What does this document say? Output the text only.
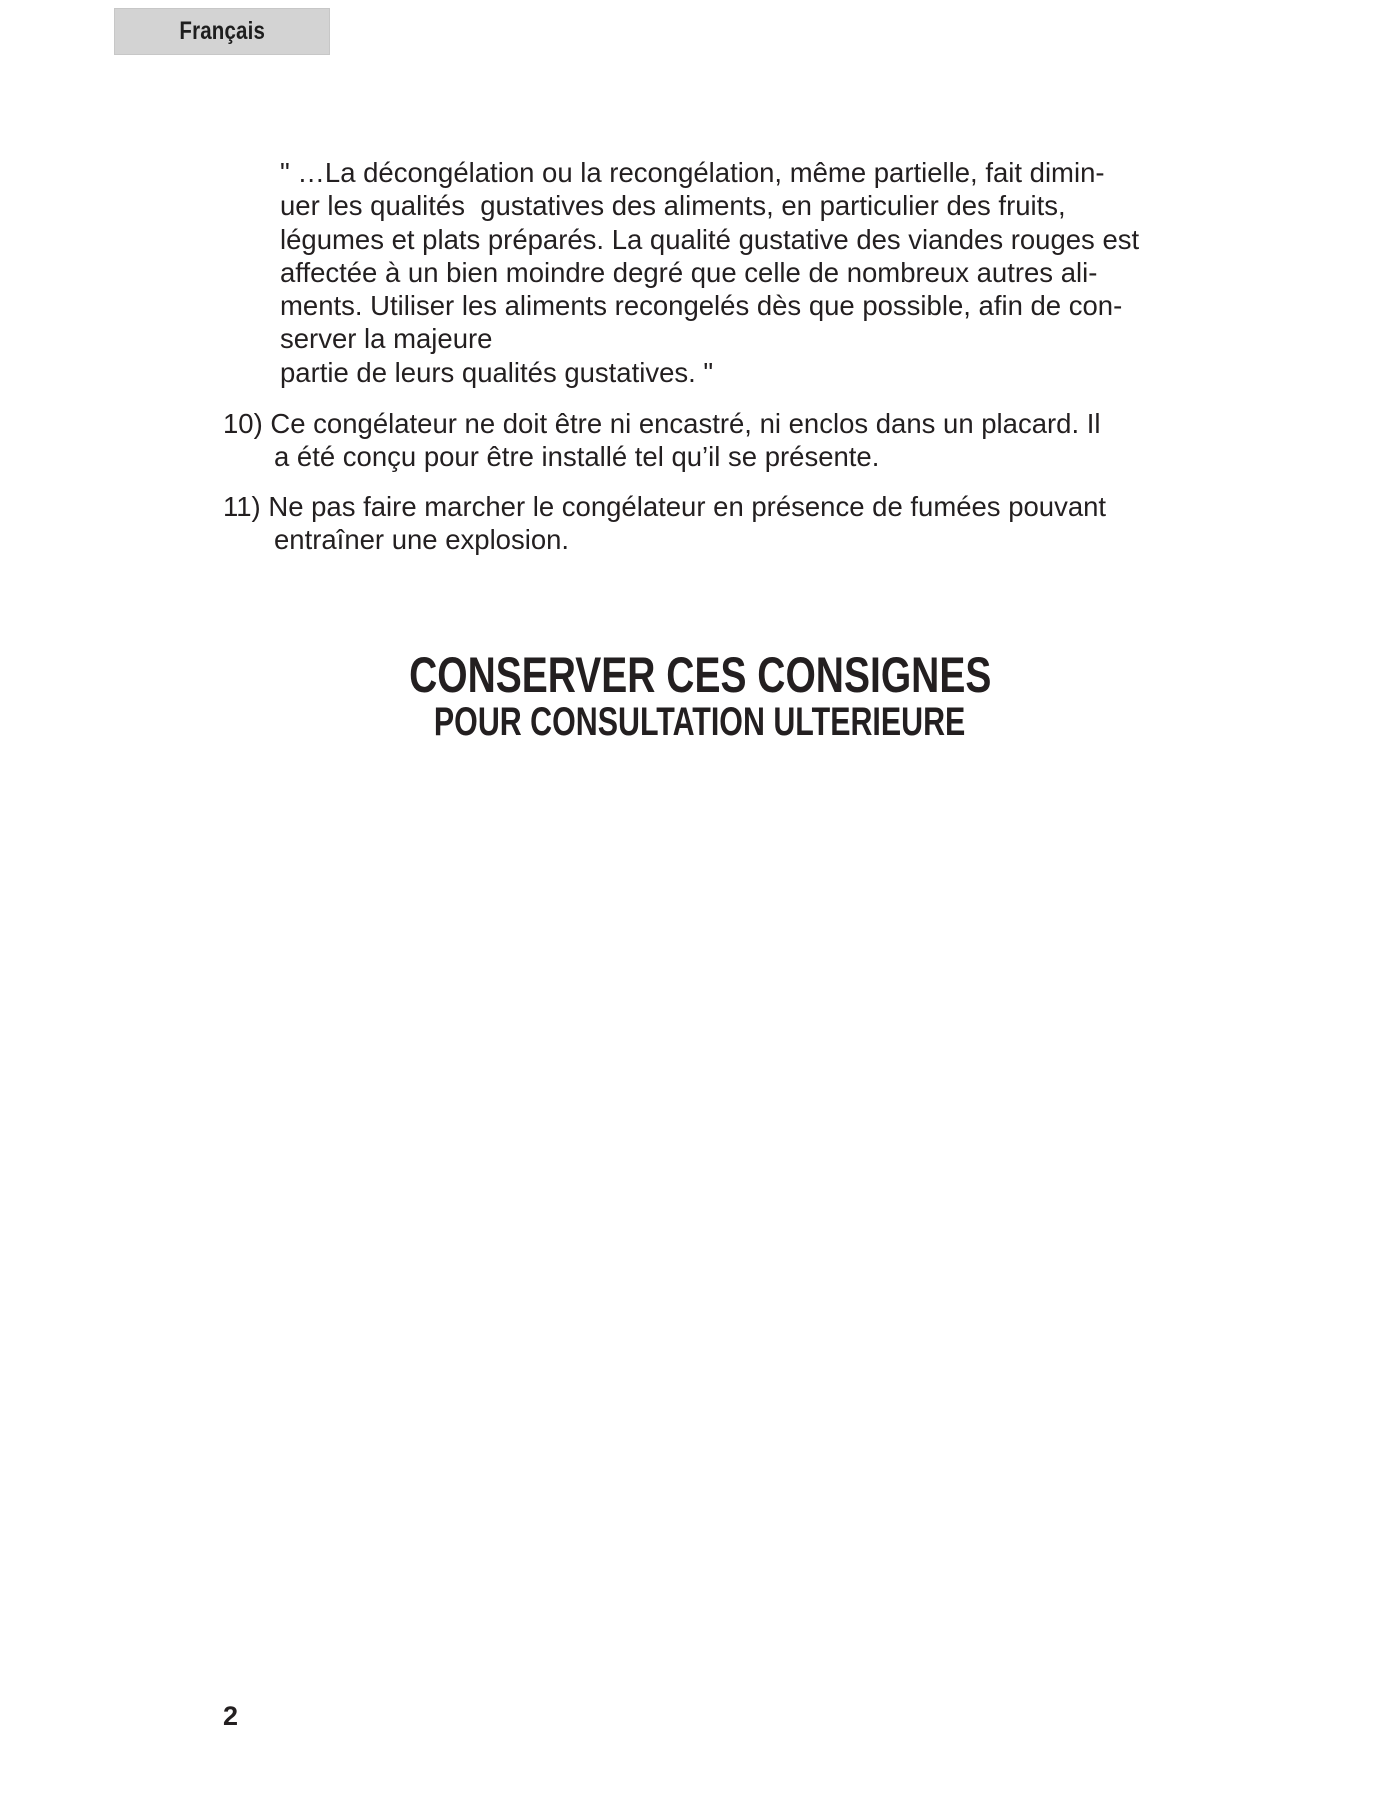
Français
" …La décongélation ou la recongélation, même partielle, fait dimin-
uer les qualités  gustatives des aliments, en particulier des fruits,
légumes et plats préparés. La qualité gustative des viandes rouges est
affectée à un bien moindre degré que celle de nombreux autres ali-
ments. Utiliser les aliments recongelés dès que possible, afin de con-
server la majeure
partie de leurs qualités gustatives. "
10) Ce congélateur ne doit être ni encastré, ni enclos dans un placard. Il
a été conçu pour être installé tel qu’il se présente.
11) Ne pas faire marcher le congélateur en présence de fumées pouvant
entraîner une explosion.
CONSERVER CES CONSIGNES
POUR CONSULTATION ULTERIEURE
2
